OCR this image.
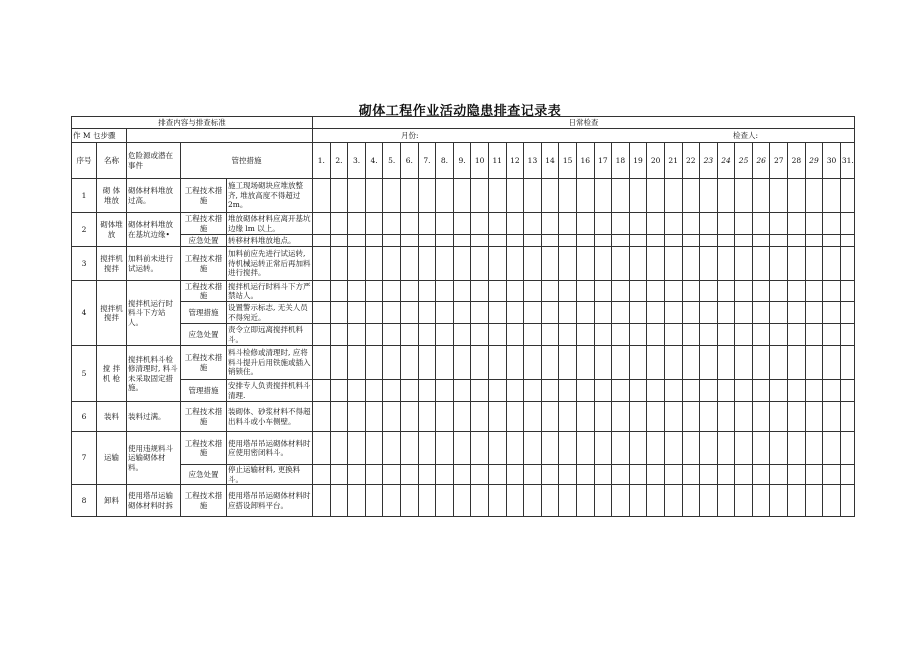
砌体工程作业活动隐患排查记录表
排查内容与排查标准					日常检查																														
作 M 乜步骤					月份: 检查人:																														

序号	名称	危险源或潜在事件	管控措施		1.	2.	3.	4.	5.	6.	7.	8.	9.	10	11	12	13	14	15	16	17	18	19	20	21	22	23	24	25	26	27	28	29	30	31.
1	砌 体 堆放	砌体材料堆放过高。	工程技术措施	施工现场砌块应堆放整齐, 堆放高度不得超过2m。																															
2	砌体堆放	砌体材料堆放在基坑边缘•	工程技术措施	堆放砌体材料应离开基坑边缘 lm 以上。																															
			应急处置	转移材料堆放地点。																															
3	搅拌机搅拌	加料前未进行试运转。	工程技术措施	加料前应先进行试运转, 待机械运转正常后再加料进行搅拌。																															
4	搅拌机搅拌	搅拌机运行时料斗下方站人。	工程技术措施	搅拌机运行时料斗下方严禁站人。																															
			管理措施	设置警示标志, 无关人员不得宛近。																															
			应急处置	责令立即远离搅拌机料斗。																															
5	搅 拌 机 枪	搅拌机料斗检修清理时, 料斗未采取固定措施。	工程技术措施	料斗检修或清理时, 应将料斗提升后用铁施或插入销锁住。																															
			管理措施	安排专人负责搅拌机料斗清理.																															
6	装料	装料过满。	工程技术措施	装砌体、砂浆材料不得超出料斗或小车侧壁。																															
7	运输	使用违规料斗运输砌体材料。	工程技术措施	使用塔吊吊运砌体材料时应使用密闭料斗。																															
			应急处置	停止运输材料, 更换料斗。																															
8	卸料	使用塔吊运输砌体材料时拆	工程技术措施	使用塔吊吊运砌体材料时应搭设卸料平台。																															
